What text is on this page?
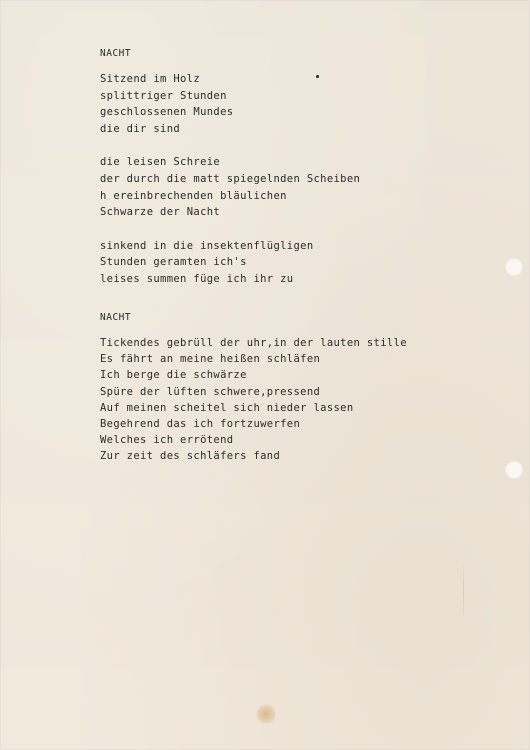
NACHT
Sitzend im Holz
splittriger Stunden
geschlossenen Mundes
die dir sind
die leisen Schreie
der durch die matt spiegelnden Scheiben
h ereinbrechenden bläulichen
Schwarze der Nacht
sinkend in die insektenflügligen
Stunden geramten ich's
leises summen füge ich ihr zu
NACHT
Tickendes gebrüll der uhr,in der lauten stille
Es fährt an meine heißen schläfen
Ich berge die schwärze
Spüre der lüften schwere,pressend
Auf meinen scheitel sich nieder lassen
Begehrend das ich fortzuwerfen
Welches ich errötend
Zur zeit des schläfers fand
